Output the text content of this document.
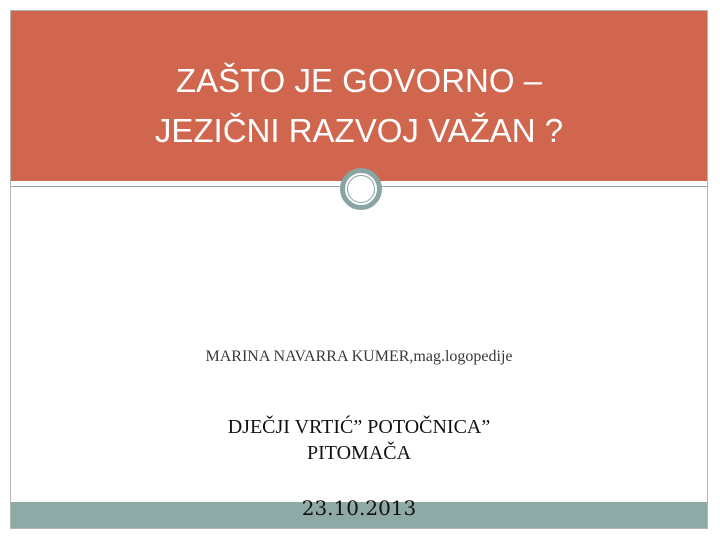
ZAŠTO JE GOVORNO –
JEZIČNI RAZVOJ VAŽAN ?
MARINA NAVARRA KUMER,mag.logopedije
DJEČJI VRTIĆ” POTOČNICA”
PITOMAČA
23.10.2013
